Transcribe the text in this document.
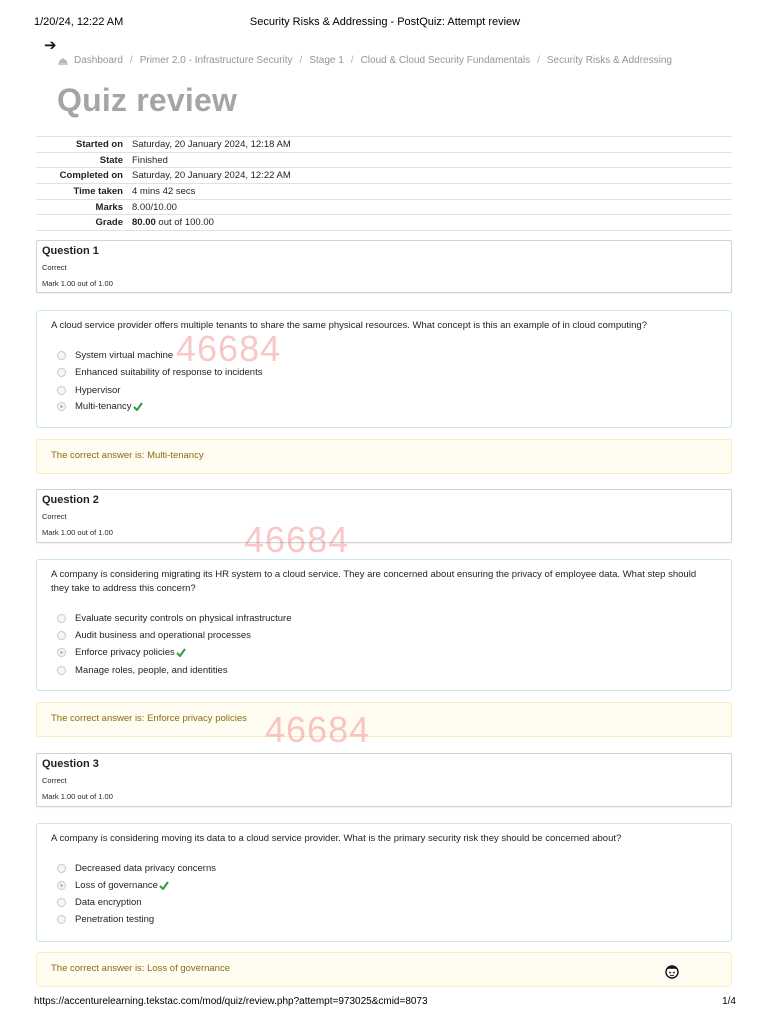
1/20/24, 12:22 AM	Security Risks & Addressing - PostQuiz: Attempt review
➔
Dashboard / Primer 2.0 - Infrastructure Security / Stage 1 / Cloud & Cloud Security Fundamentals / Security Risks & Addressing
Quiz review
Started on	Saturday, 20 January 2024, 12:18 AM
State	Finished
Completed on	Saturday, 20 January 2024, 12:22 AM
Time taken	4 mins 42 secs
Marks	8.00/10.00
Grade	80.00 out of 100.00
Question 1
Correct
Mark 1.00 out of 1.00
A cloud service provider offers multiple tenants to share the same physical resources. What concept is this an example of in cloud computing?
System virtual machine
Enhanced suitability of response to incidents
Hypervisor
Multi-tenancy
The correct answer is: Multi-tenancy
Question 2
Correct
Mark 1.00 out of 1.00
A company is considering migrating its HR system to a cloud service. They are concerned about ensuring the privacy of employee data. What step should they take to address this concern?
Evaluate security controls on physical infrastructure
Audit business and operational processes
Enforce privacy policies
Manage roles, people, and identities
The correct answer is: Enforce privacy policies
Question 3
Correct
Mark 1.00 out of 1.00
A company is considering moving its data to a cloud service provider. What is the primary security risk they should be concerned about?
Decreased data privacy concerns
Loss of governance
Data encryption
Penetration testing
The correct answer is: Loss of governance
46684
46684
46684
https://accenturelearning.tekstac.com/mod/quiz/review.php?attempt=973025&cmid=8073	1/4
